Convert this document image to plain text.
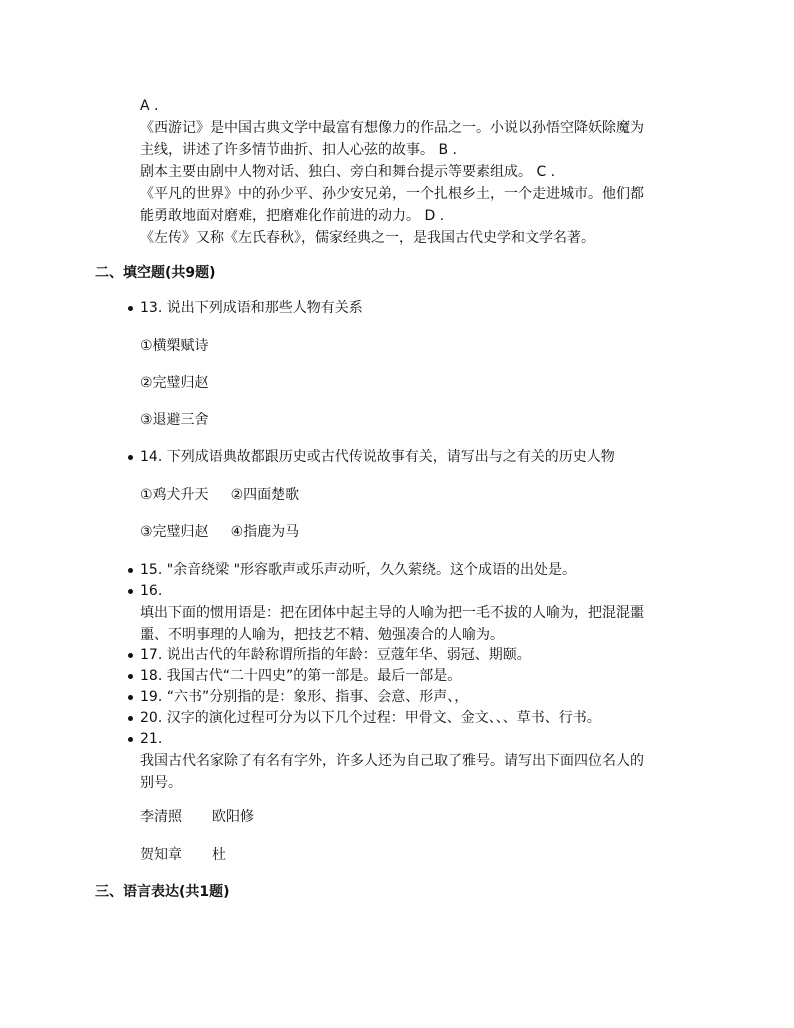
A .
《西游记》是中国古典文学中最富有想像力的作品之一。小说以孙悟空降妖除魔为
主线，讲述了许多情节曲折、扣人心弦的故事。 B .
剧本主要由剧中人物对话、独白、旁白和舞台提示等要素组成。 C .
《平凡的世界》中的孙少平、孙少安兄弟，一个扎根乡土，一个走进城市。他们都
能勇敢地面对磨难，把磨难化作前进的动力。 D .
《左传》又称《左氏春秋》，儒家经典之一，是我国古代史学和文学名著。
二、填空题(共9题)
13. 说出下列成语和那些人物有关系
①横槊赋诗
②完璧归赵
③退避三舍
14. 下列成语典故都跟历史或古代传说故事有关，请写出与之有关的历史人物
①鸡犬升天 ②四面楚歌
③完璧归赵 ④指鹿为马
15. "余音绕梁 "形容歌声或乐声动听，久久萦绕。这个成语的出处是。
16.
填出下面的惯用语是：把在团体中起主导的人喻为把一毛不拔的人喻为，把混混噩
噩、不明事理的人喻为，把技艺不精、勉强凑合的人喻为。
17. 说出古代的年龄称谓所指的年龄：豆蔻年华、弱冠、期颐。
18. 我国古代“二十四史”的第一部是。最后一部是。
19. “六书”分别指的是：象形、指事、会意、形声、，
20. 汉字的演化过程可分为以下几个过程：甲骨文、金文、、、草书、行书。
21.
我国古代名家除了有名有字外，许多人还为自己取了雅号。请写出下面四位名人的
别号。
李清照 欧阳修
贺知章 杜
三、语言表达(共1题)
